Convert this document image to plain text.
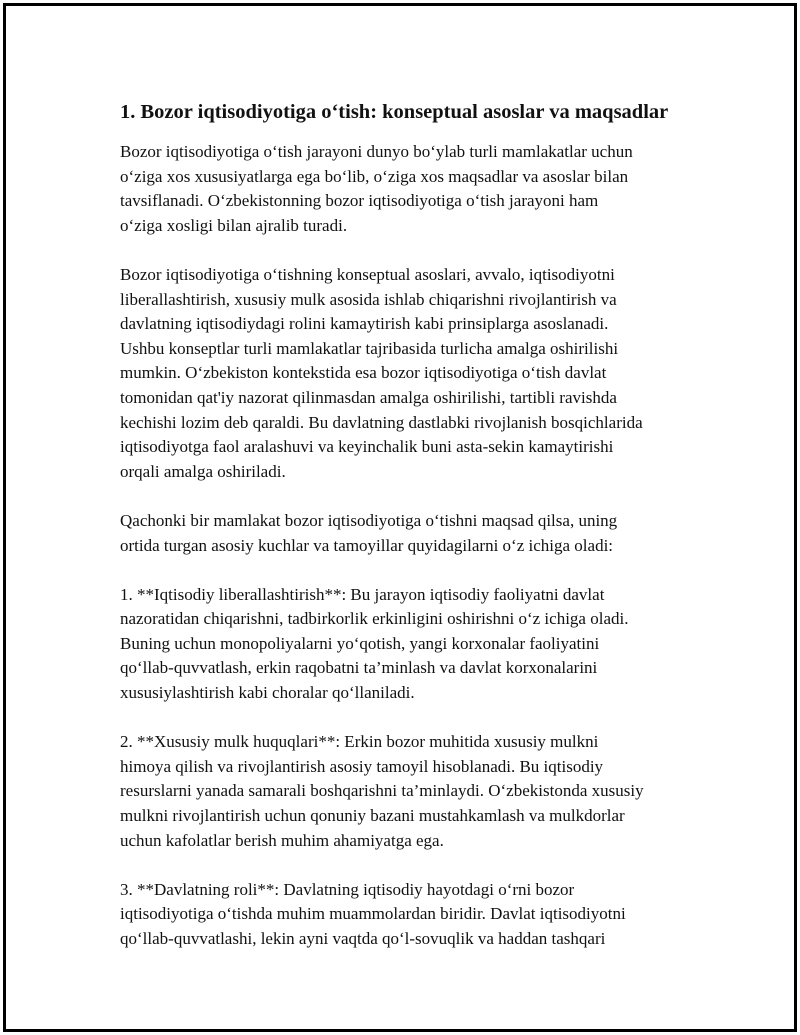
1. Bozor iqtisodiyotiga o‘tish: konseptual asoslar va maqsadlar

Bozor iqtisodiyotiga o‘tish jarayoni dunyo bo‘ylab turli mamlakatlar uchun
o‘ziga xos xususiyatlarga ega bo‘lib, o‘ziga xos maqsadlar va asoslar bilan
tavsiflanadi. O‘zbekistonning bozor iqtisodiyotiga o‘tish jarayoni ham
o‘ziga xosligi bilan ajralib turadi.

Bozor iqtisodiyotiga o‘tishning konseptual asoslari, avvalo, iqtisodiyotni
liberallashtirish, xususiy mulk asosida ishlab chiqarishni rivojlantirish va
davlatning iqtisodiydagi rolini kamaytirish kabi prinsiplarga asoslanadi.
Ushbu konseptlar turli mamlakatlar tajribasida turlicha amalga oshirilishi
mumkin. O‘zbekiston kontekstida esa bozor iqtisodiyotiga o‘tish davlat
tomonidan qat'iy nazorat qilinmasdan amalga oshirilishi, tartibli ravishda
kechishi lozim deb qaraldi. Bu davlatning dastlabki rivojlanish bosqichlarida
iqtisodiyotga faol aralashuvi va keyinchalik buni asta-sekin kamaytirishi
orqali amalga oshiriladi.

Qachonki bir mamlakat bozor iqtisodiyotiga o‘tishni maqsad qilsa, uning
ortida turgan asosiy kuchlar va tamoyillar quyidagilarni o‘z ichiga oladi:

1. **Iqtisodiy liberallashtirish**: Bu jarayon iqtisodiy faoliyatni davlat
nazoratidan chiqarishni, tadbirkorlik erkinligini oshirishni o‘z ichiga oladi.
Buning uchun monopoliyalarni yo‘qotish, yangi korxonalar faoliyatini
qo‘llab-quvvatlash, erkin raqobatni ta’minlash va davlat korxonalarini
xususiylashtirish kabi choralar qo‘llaniladi.

2. **Xususiy mulk huquqlari**: Erkin bozor muhitida xususiy mulkni
himoya qilish va rivojlantirish asosiy tamoyil hisoblanadi. Bu iqtisodiy
resurslarni yanada samarali boshqarishni ta’minlaydi. O‘zbekistonda xususiy
mulkni rivojlantirish uchun qonuniy bazani mustahkamlash va mulkdorlar
uchun kafolatlar berish muhim ahamiyatga ega.

3. **Davlatning roli**: Davlatning iqtisodiy hayotdagi o‘rni bozor
iqtisodiyotiga o‘tishda muhim muammolardan biridir. Davlat iqtisodiyotni
qo‘llab-quvvatlashi, lekin ayni vaqtda qo‘l-sovuqlik va haddan tashqari
